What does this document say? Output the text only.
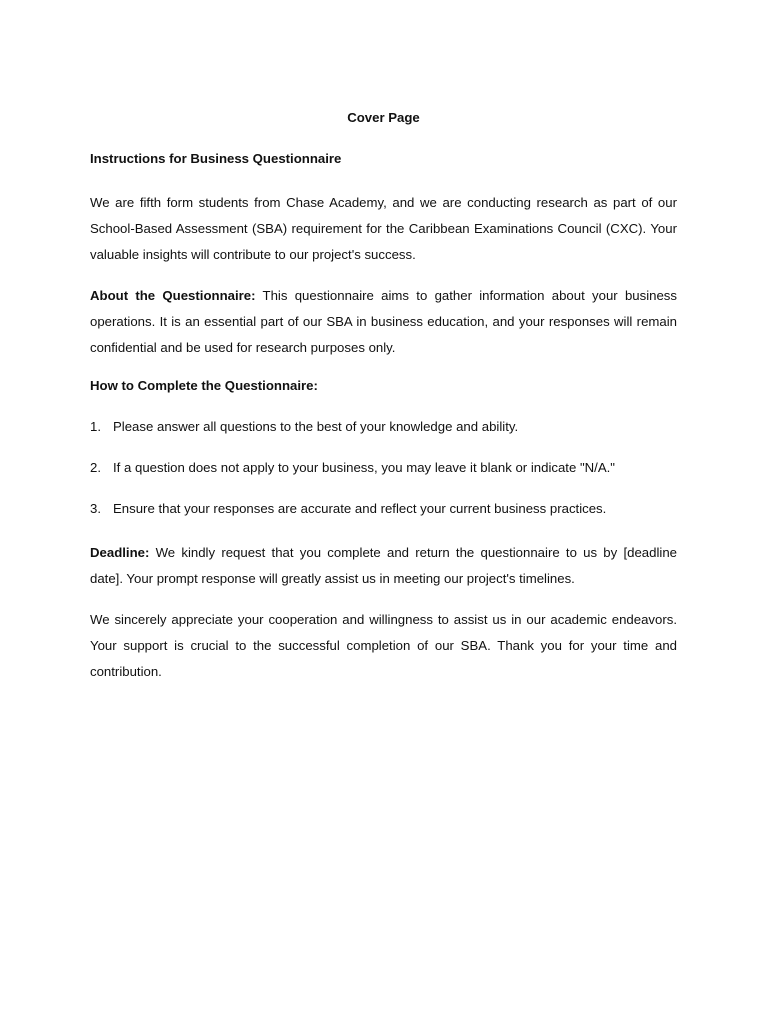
Cover Page
Instructions for Business Questionnaire

We are fifth form students from Chase Academy, and we are conducting research as part of our School-Based Assessment (SBA) requirement for the Caribbean Examinations Council (CXC). Your valuable insights will contribute to our project's success.

About the Questionnaire: This questionnaire aims to gather information about your business operations. It is an essential part of our SBA in business education, and your responses will remain confidential and be used for research purposes only.

How to Complete the Questionnaire:
1. Please answer all questions to the best of your knowledge and ability.
2. If a question does not apply to your business, you may leave it blank or indicate "N/A."
3. Ensure that your responses are accurate and reflect your current business practices.

Deadline: We kindly request that you complete and return the questionnaire to us by [deadline date]. Your prompt response will greatly assist us in meeting our project's timelines.

We sincerely appreciate your cooperation and willingness to assist us in our academic endeavors. Your support is crucial to the successful completion of our SBA. Thank you for your time and contribution.
